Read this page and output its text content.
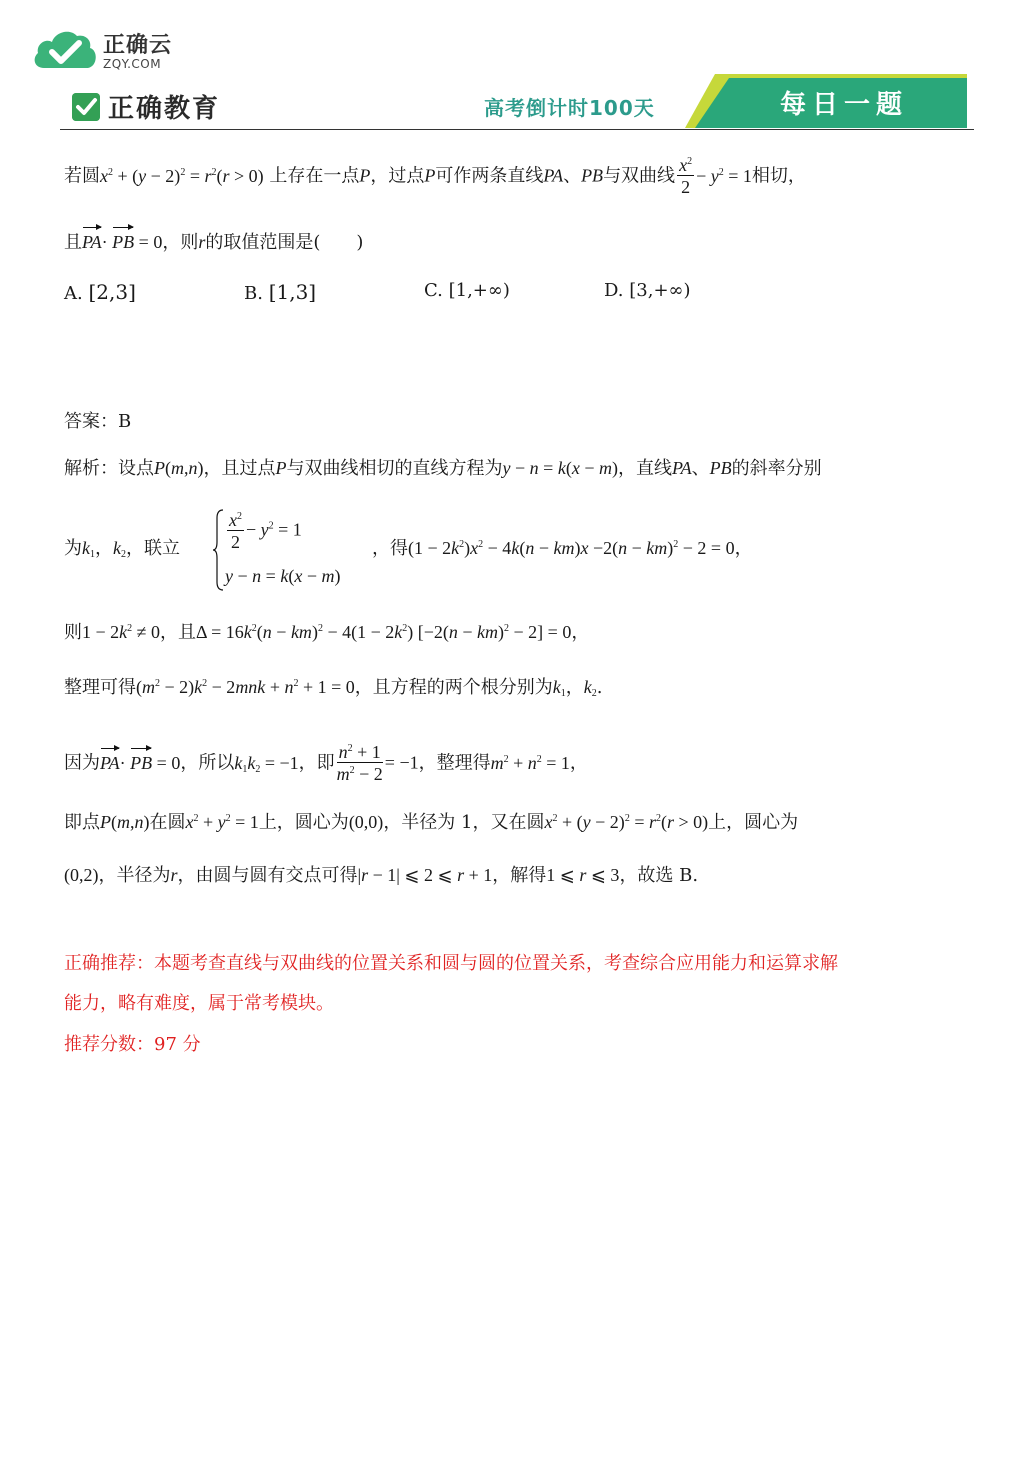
正确云
ZQY.COM
正确教育	高考倒计时100天	每日一题
若圆$x^2 + (y - 2)^2 = r^2(r > 0)$ 上存在一点P，过点P可作两条直线PA、PB与双曲线 $\frac{x^2}{2} - y^2 = 1$相切，
且PA· PB = 0，则r的取值范围是(　　)
A. [2,3]	B. [1,3]	C. [1,+∞)	D. [3,+∞)
答案：B
解析：设点P(m,n)，且过点P与双曲线相切的直线方程为y − n = k(x − m)，直线PA、PB的斜率分别
为$k_1$，$k_2$，联立	$\frac{x^2}{2} - y^2 = 1$
y − n = k(x − m)
，得$(1 - 2k^2)x^2 - 4k(n - km)x -2(n - km)^2 - 2 = 0$，
则$1 - 2k^2 \ne 0$，且$\Delta = 16k^2(n - km)^2 - 4(1 - 2k^2) [-2(n - km)^2 - 2] = 0$，
整理可得$(m^2 - 2)k^2 - 2mnk + n^2 + 1 = 0$，且方程的两个根分别为$k_1$，$k_2$.
因为PA· PB = 0，所以$k_1k_2 = -1$，即 $\frac{n^2 + 1}{m^2 - 2} = -1$，整理得$m^2 + n^2 = 1$，
即点P(m,n)在圆$x^2 + y^2 = 1$上，圆心为(0,0)，半径为 1，又在圆$x^2 + (y - 2)^2 = r^2(r > 0)$上，圆心为
(0,2)，半径为r，由圆与圆有交点可得|r − 1| ⩽ 2 ⩽ r + 1，解得1 ⩽ r ⩽ 3，故选 B.
正确推荐：本题考查直线与双曲线的位置关系和圆与圆的位置关系，考查综合应用能力和运算求解
能力，略有难度，属于常考模块。
推荐分数：97 分
